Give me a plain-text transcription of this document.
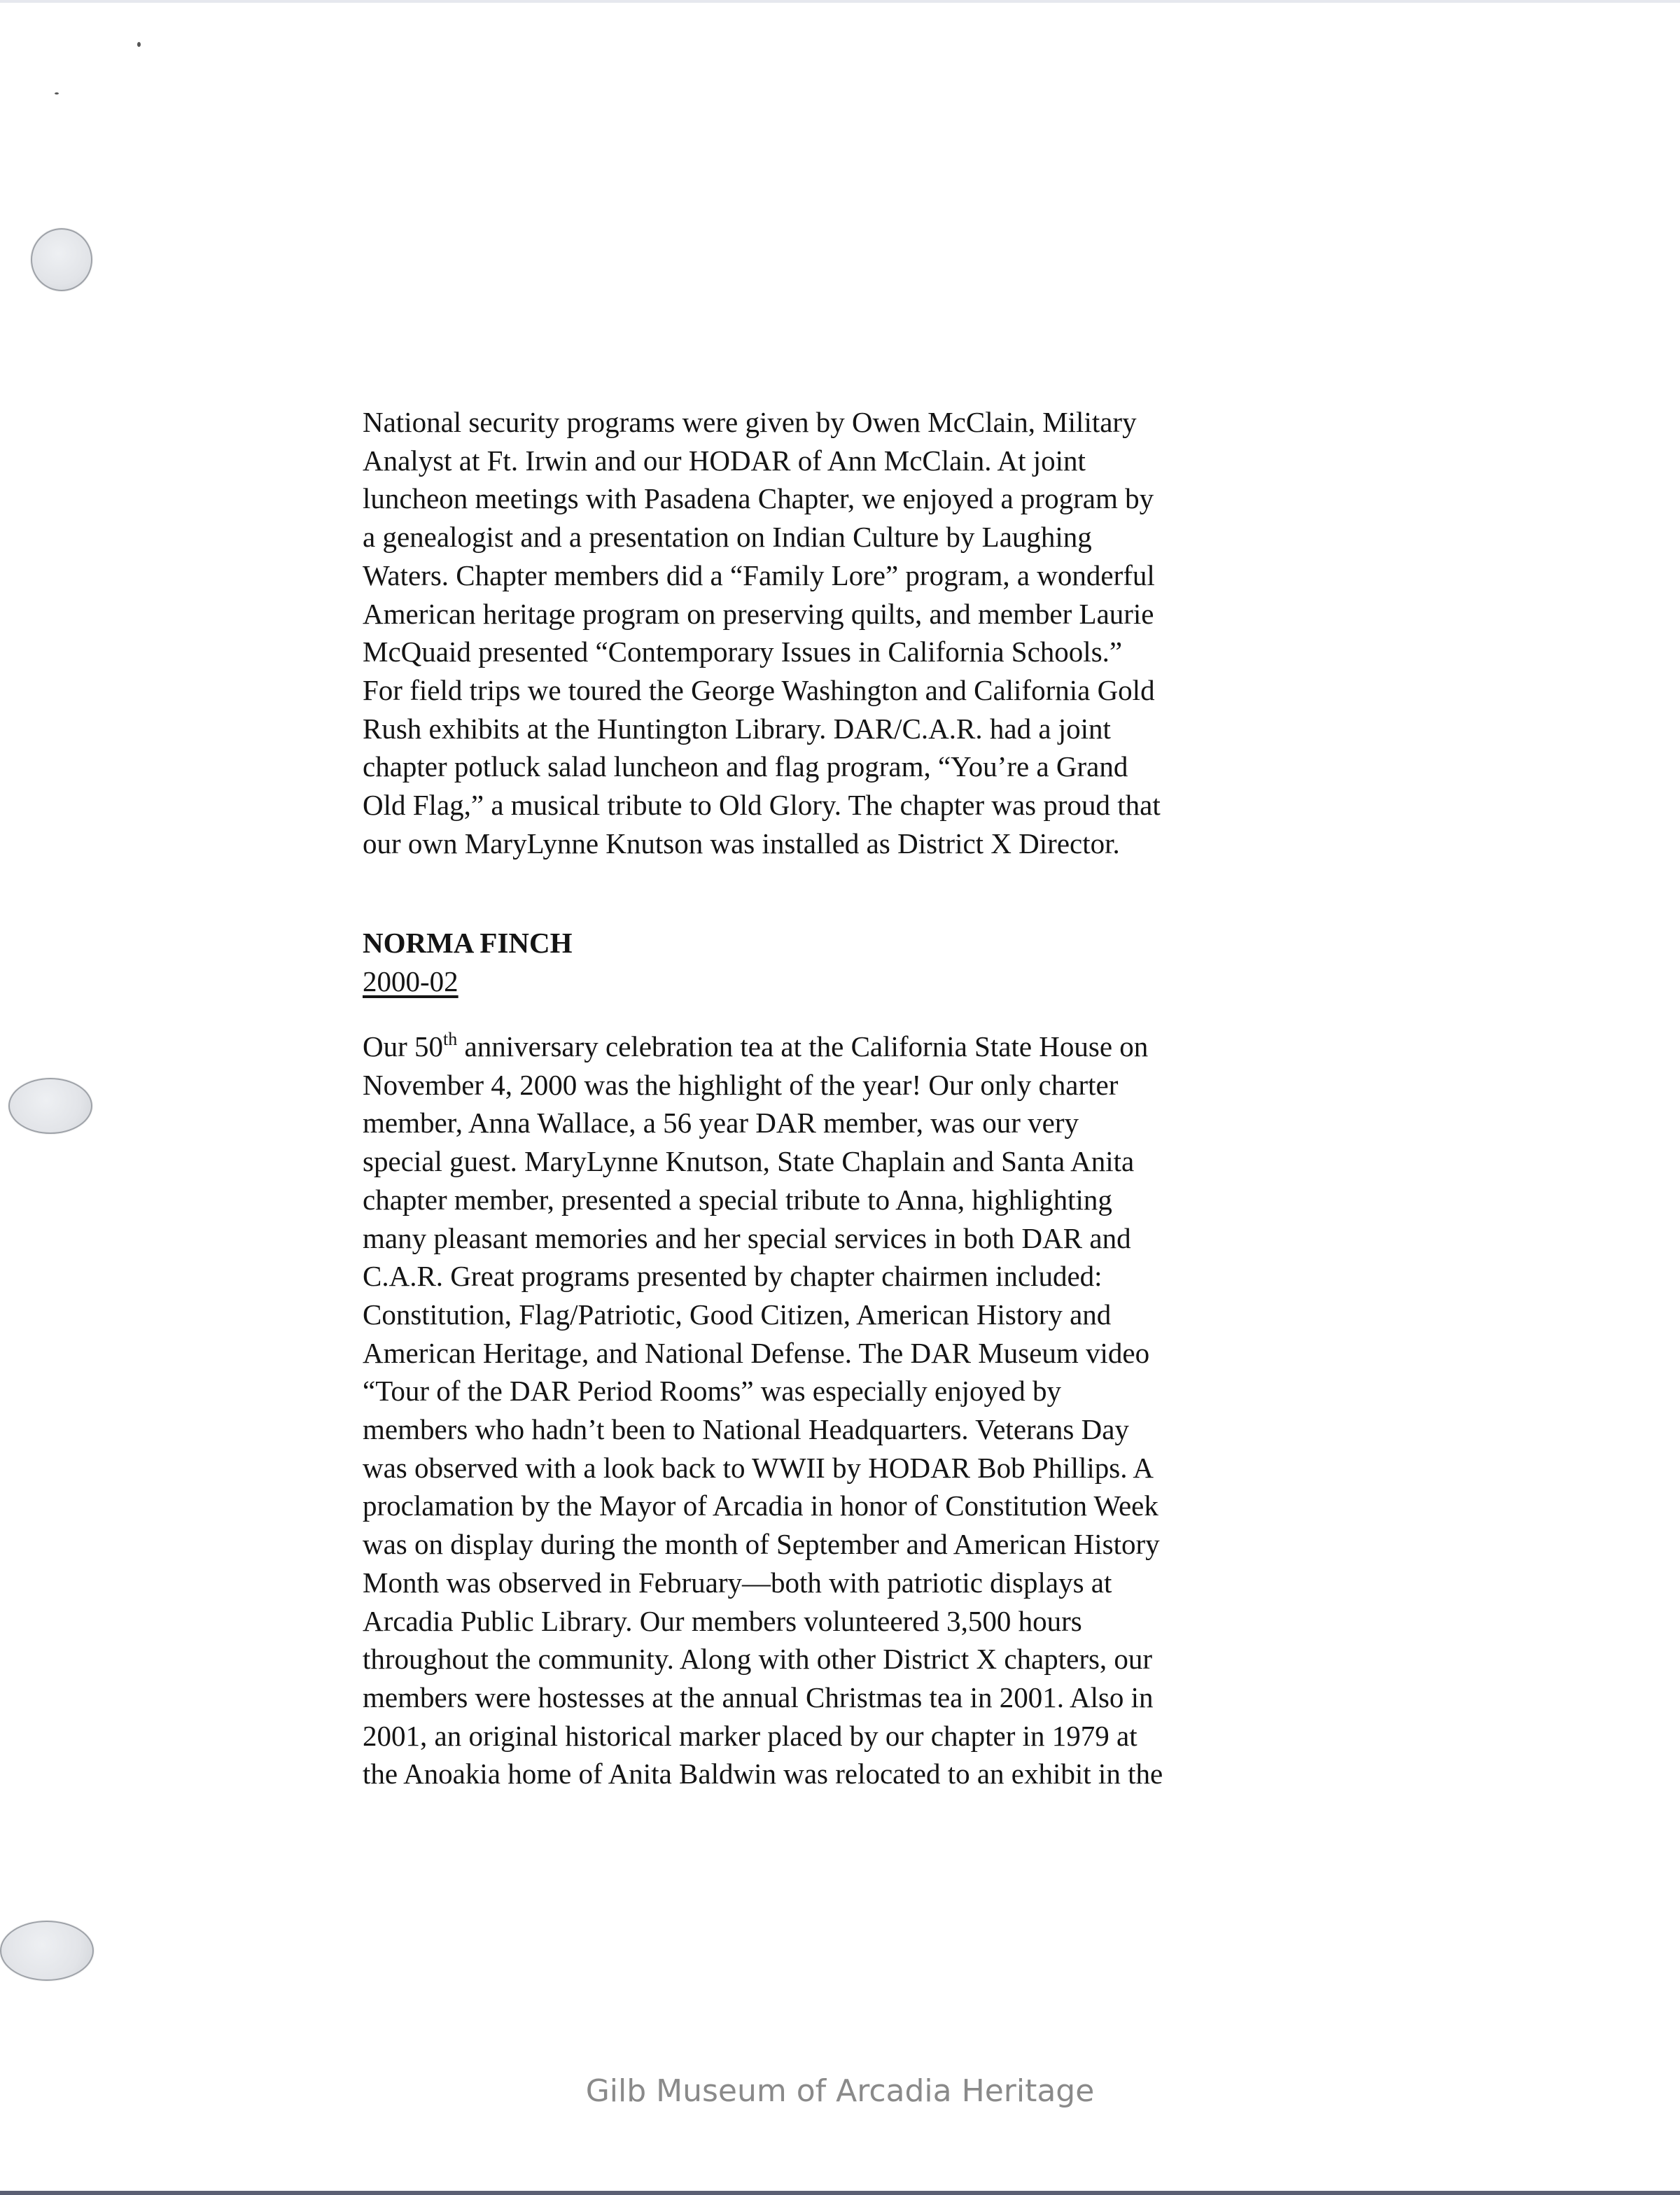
National security programs were given by Owen McClain, Military
Analyst at Ft. Irwin and our HODAR of Ann McClain. At joint
luncheon meetings with Pasadena Chapter, we enjoyed a program by
a genealogist and a presentation on Indian Culture by Laughing
Waters. Chapter members did a “Family Lore” program, a wonderful
American heritage program on preserving quilts, and member Laurie
McQuaid presented “Contemporary Issues in California Schools.”
For field trips we toured the George Washington and California Gold
Rush exhibits at the Huntington Library. DAR/C.A.R. had a joint
chapter potluck salad luncheon and flag program, “You’re a Grand
Old Flag,” a musical tribute to Old Glory. The chapter was proud that
our own MaryLynne Knutson was installed as District X Director.
NORMA FINCH
2000-02
Our 50th anniversary celebration tea at the California State House on
November 4, 2000 was the highlight of the year! Our only charter
member, Anna Wallace, a 56 year DAR member, was our very
special guest. MaryLynne Knutson, State Chaplain and Santa Anita
chapter member, presented a special tribute to Anna, highlighting
many pleasant memories and her special services in both DAR and
C.A.R. Great programs presented by chapter chairmen included:
Constitution, Flag/Patriotic, Good Citizen, American History and
American Heritage, and National Defense. The DAR Museum video
“Tour of the DAR Period Rooms” was especially enjoyed by
members who hadn’t been to National Headquarters. Veterans Day
was observed with a look back to WWII by HODAR Bob Phillips. A
proclamation by the Mayor of Arcadia in honor of Constitution Week
was on display during the month of September and American History
Month was observed in February—both with patriotic displays at
Arcadia Public Library. Our members volunteered 3,500 hours
throughout the community. Along with other District X chapters, our
members were hostesses at the annual Christmas tea in 2001. Also in
2001, an original historical marker placed by our chapter in 1979 at
the Anoakia home of Anita Baldwin was relocated to an exhibit in the
Gilb Museum of Arcadia Heritage
